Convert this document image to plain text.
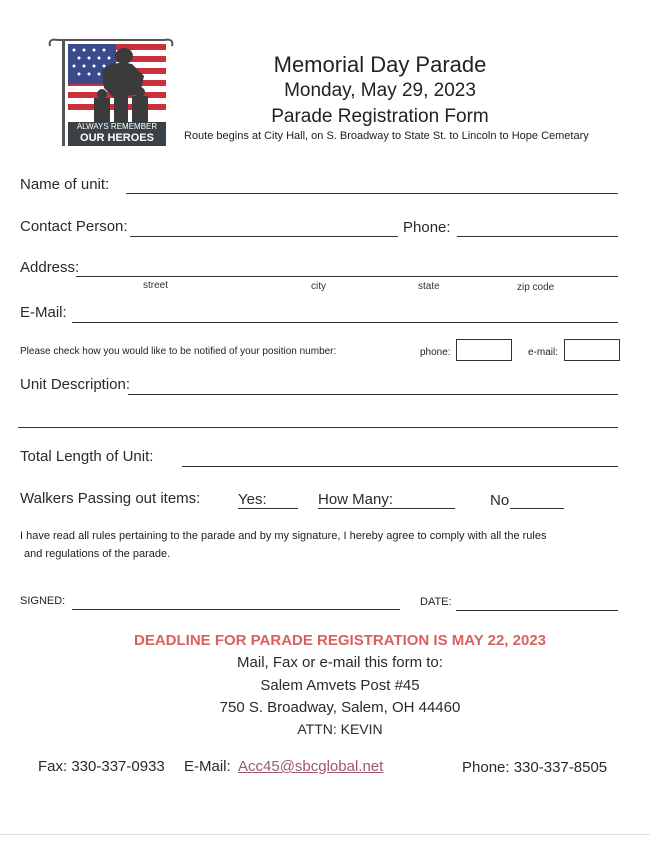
ALWAYS REMEMBER
OUR HEROES
Memorial Day Parade
Monday, May 29, 2023
Parade Registration Form
Route begins at City Hall, on S. Broadway to State St. to Lincoln to Hope Cemetary
Name of unit:
Contact Person:	Phone:
Address:
street	city	state	zip code
E-Mail:
Please check how you would like to be notified of your position number:	phone:	e-mail:
Unit Description:
Total Length of Unit:
Walkers Passing out items:	Yes:	How Many:	No
I have read all rules pertaining to the parade and by my signature, I hereby agree to comply with all the rules
and regulations of the parade.
SIGNED:	DATE:
DEADLINE FOR PARADE REGISTRATION IS MAY 22, 2023
Mail, Fax or e-mail this form to:
Salem Amvets Post #45
750 S. Broadway, Salem, OH 44460
ATTN: KEVIN
Fax: 330-337-0933 E-Mail: Acc45@sbcglobal.net	Phone: 330-337-8505
